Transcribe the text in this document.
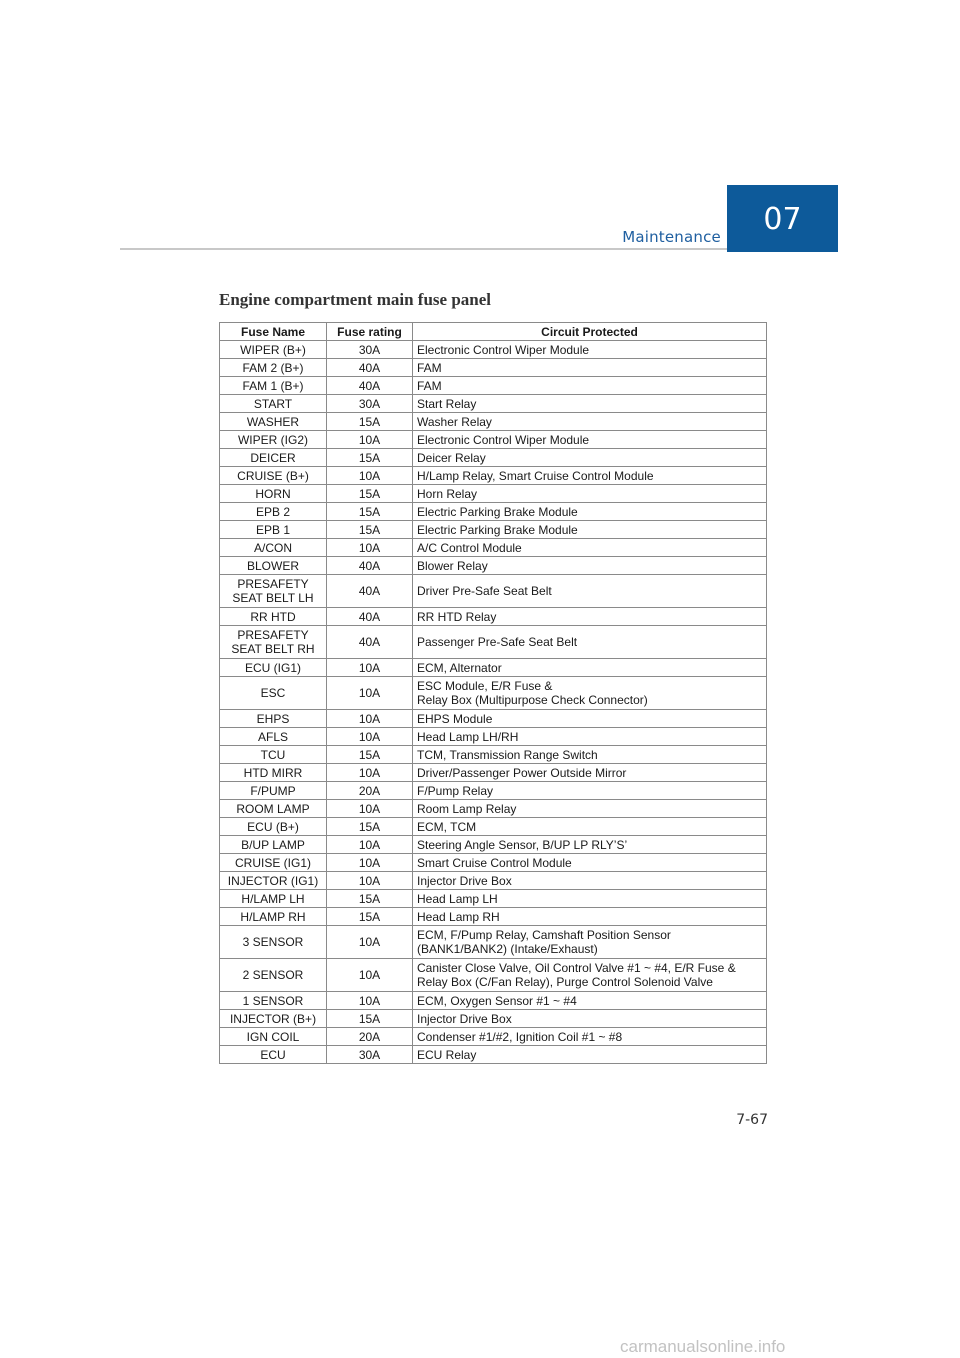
Maintenance
07
Engine compartment main fuse panel
Fuse Name	Fuse rating	Circuit Protected

WIPER (B+)	30A	Electronic Control Wiper Module

FAM 2 (B+)	40A	FAM

FAM 1 (B+)	40A	FAM

START	30A	Start Relay

WASHER	15A	Washer Relay

WIPER (IG2)	10A	Electronic Control Wiper Module

DEICER	15A	Deicer Relay

CRUISE (B+)	10A	H/Lamp Relay, Smart Cruise Control Module

HORN	15A	Horn Relay

EPB 2	15A	Electric Parking Brake Module

EPB 1	15A	Electric Parking Brake Module

A/CON	10A	A/C Control Module

BLOWER	40A	Blower Relay

PRESAFETY
SEAT BELT LH	40A	Driver Pre-Safe Seat Belt

RR HTD	40A	RR HTD Relay

PRESAFETY
SEAT BELT RH	40A	Passenger Pre-Safe Seat Belt

ECU (IG1)	10A	ECM, Alternator

ESC	10A	ESC Module, E/R Fuse &
Relay Box (Multipurpose Check Connector)

EHPS	10A	EHPS Module

AFLS	10A	Head Lamp LH/RH

TCU	15A	TCM, Transmission Range Switch

HTD MIRR	10A	Driver/Passenger Power Outside Mirror

F/PUMP	20A	F/Pump Relay

ROOM LAMP	10A	Room Lamp Relay

ECU (B+)	15A	ECM, TCM

B/UP LAMP	10A	Steering Angle Sensor, B/UP LP RLY’S’

CRUISE (IG1)	10A	Smart Cruise Control Module

INJECTOR (IG1)	10A	Injector Drive Box

H/LAMP LH	15A	Head Lamp LH

H/LAMP RH	15A	Head Lamp RH

3 SENSOR	10A	ECM, F/Pump Relay, Camshaft Position Sensor
(BANK1/BANK2) (Intake/Exhaust)

2 SENSOR	10A	Canister Close Valve, Oil Control Valve #1 ~ #4, E/R Fuse &
Relay Box (C/Fan Relay), Purge Control Solenoid Valve

1 SENSOR	10A	ECM, Oxygen Sensor #1 ~ #4

INJECTOR (B+)	15A	Injector Drive Box

IGN COIL	20A	Condenser #1/#2, Ignition Coil #1 ~ #8

ECU	30A	ECU Relay
7-67
carmanualsonline.info
